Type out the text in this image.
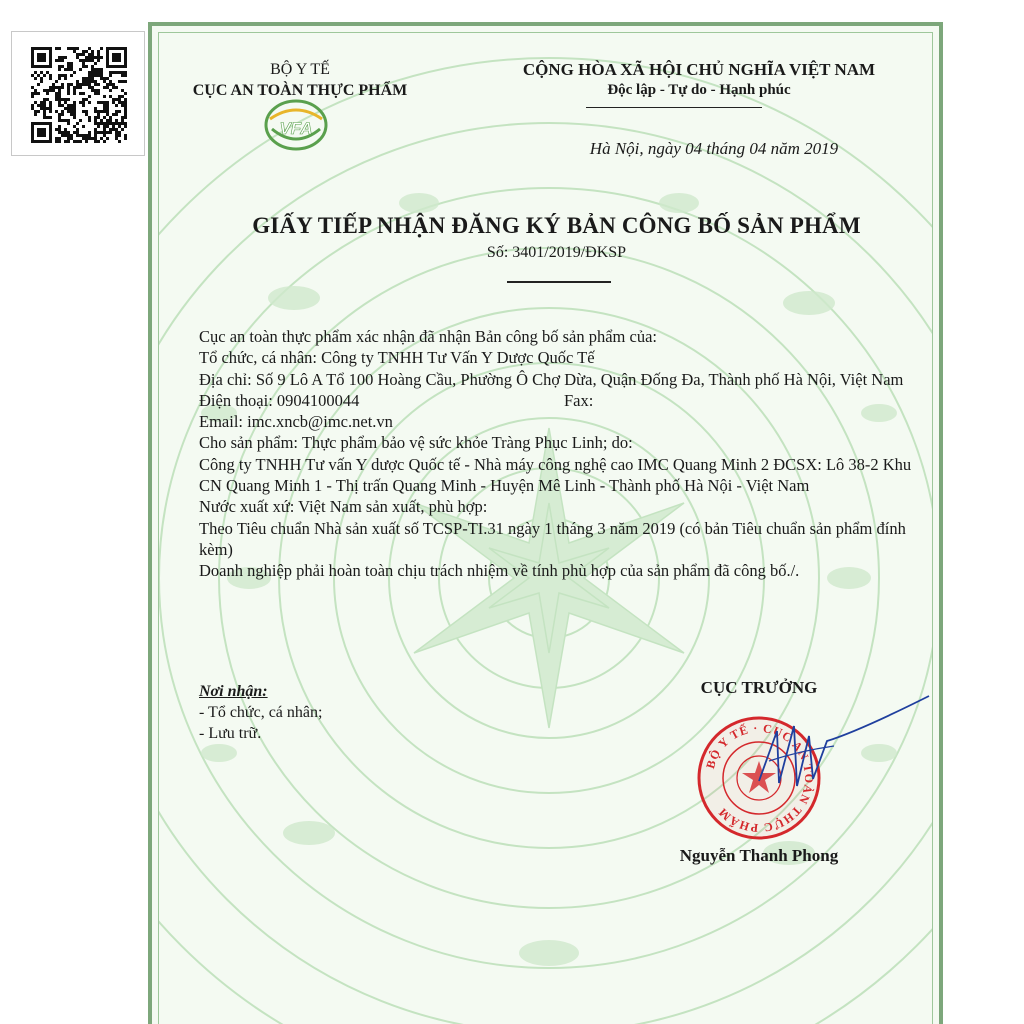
BỘ Y TẾ
CỤC AN TOÀN THỰC PHẨM
VFA
CỘNG HÒA XÃ HỘI CHỦ NGHĨA VIỆT NAM
Độc lập - Tự do - Hạnh phúc
Hà Nội, ngày 04 tháng 04 năm 2019
GIẤY TIẾP NHẬN ĐĂNG KÝ BẢN CÔNG BỐ SẢN PHẨM
Số: 3401/2019/ĐKSP
Cục an toàn thực phẩm xác nhận đã nhận Bản công bố sản phẩm của:
Tổ chức, cá nhân: Công ty TNHH Tư Vấn Y Dược Quốc Tế
Địa chỉ: Số 9 Lô A Tổ 100 Hoàng Cầu, Phường Ô Chợ Dừa, Quận Đống Đa, Thành phố Hà Nội, Việt Nam
Điện thoại: 0904100044	Fax:
Email: imc.xncb@imc.net.vn
Cho sản phẩm: Thực phẩm bảo vệ sức khỏe Tràng Phục Linh; do:
Công ty TNHH Tư vấn Y dược Quốc tế - Nhà máy công nghệ cao IMC Quang Minh 2 ĐCSX: Lô 38-2 Khu CN Quang Minh 1 - Thị trấn Quang Minh - Huyện Mê Linh - Thành phố Hà Nội - Việt Nam
Nước xuất xứ: Việt Nam sản xuất, phù hợp:
Theo Tiêu chuẩn Nhà sản xuất số TCSP-TI.31 ngày 1 tháng 3 năm 2019 (có bản Tiêu chuẩn sản phẩm đính kèm)
Doanh nghiệp phải hoàn toàn chịu trách nhiệm về tính phù hợp của sản phẩm đã công bố./.
Nơi nhận:
- Tổ chức, cá nhân;
- Lưu trữ.
CỤC TRƯỞNG
BỘ Y TẾ · CỤC AN TOÀN THỰC PHẨM
Nguyễn Thanh Phong
